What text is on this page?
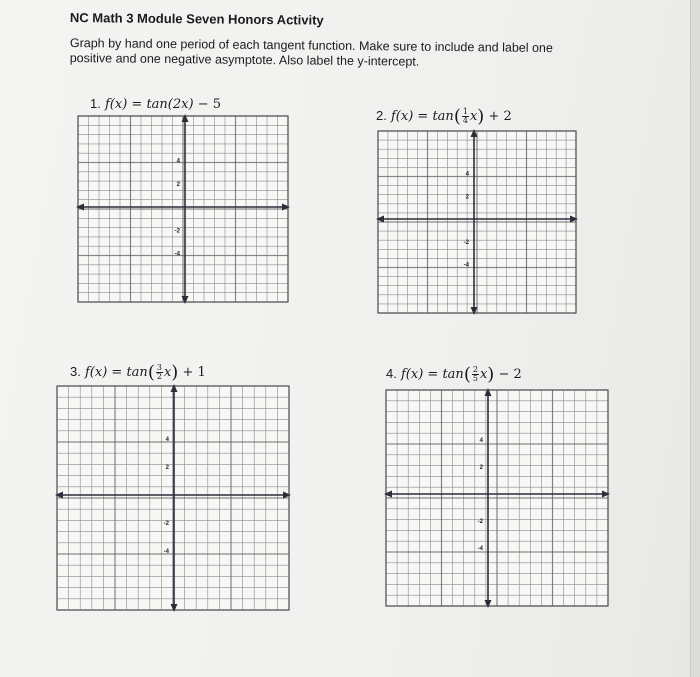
NC Math 3 Module Seven Honors Activity
Graph by hand one period of each tangent function. Make sure to include and label one positive and one negative asymptote. Also label the y-intercept.
1. f(x) = tan(2x) − 5
2. $f(x) = \tan( \frac{1}{4} x) + 2$
3. $f(x) = \tan( \frac{3}{2} x) + 1$	4. $f(x) = \tan( \frac{2}{5} x) - 2$
4
2
-2
-4
4
2
-2
-4
4
2
-2
-4
4
2
-2
-4
